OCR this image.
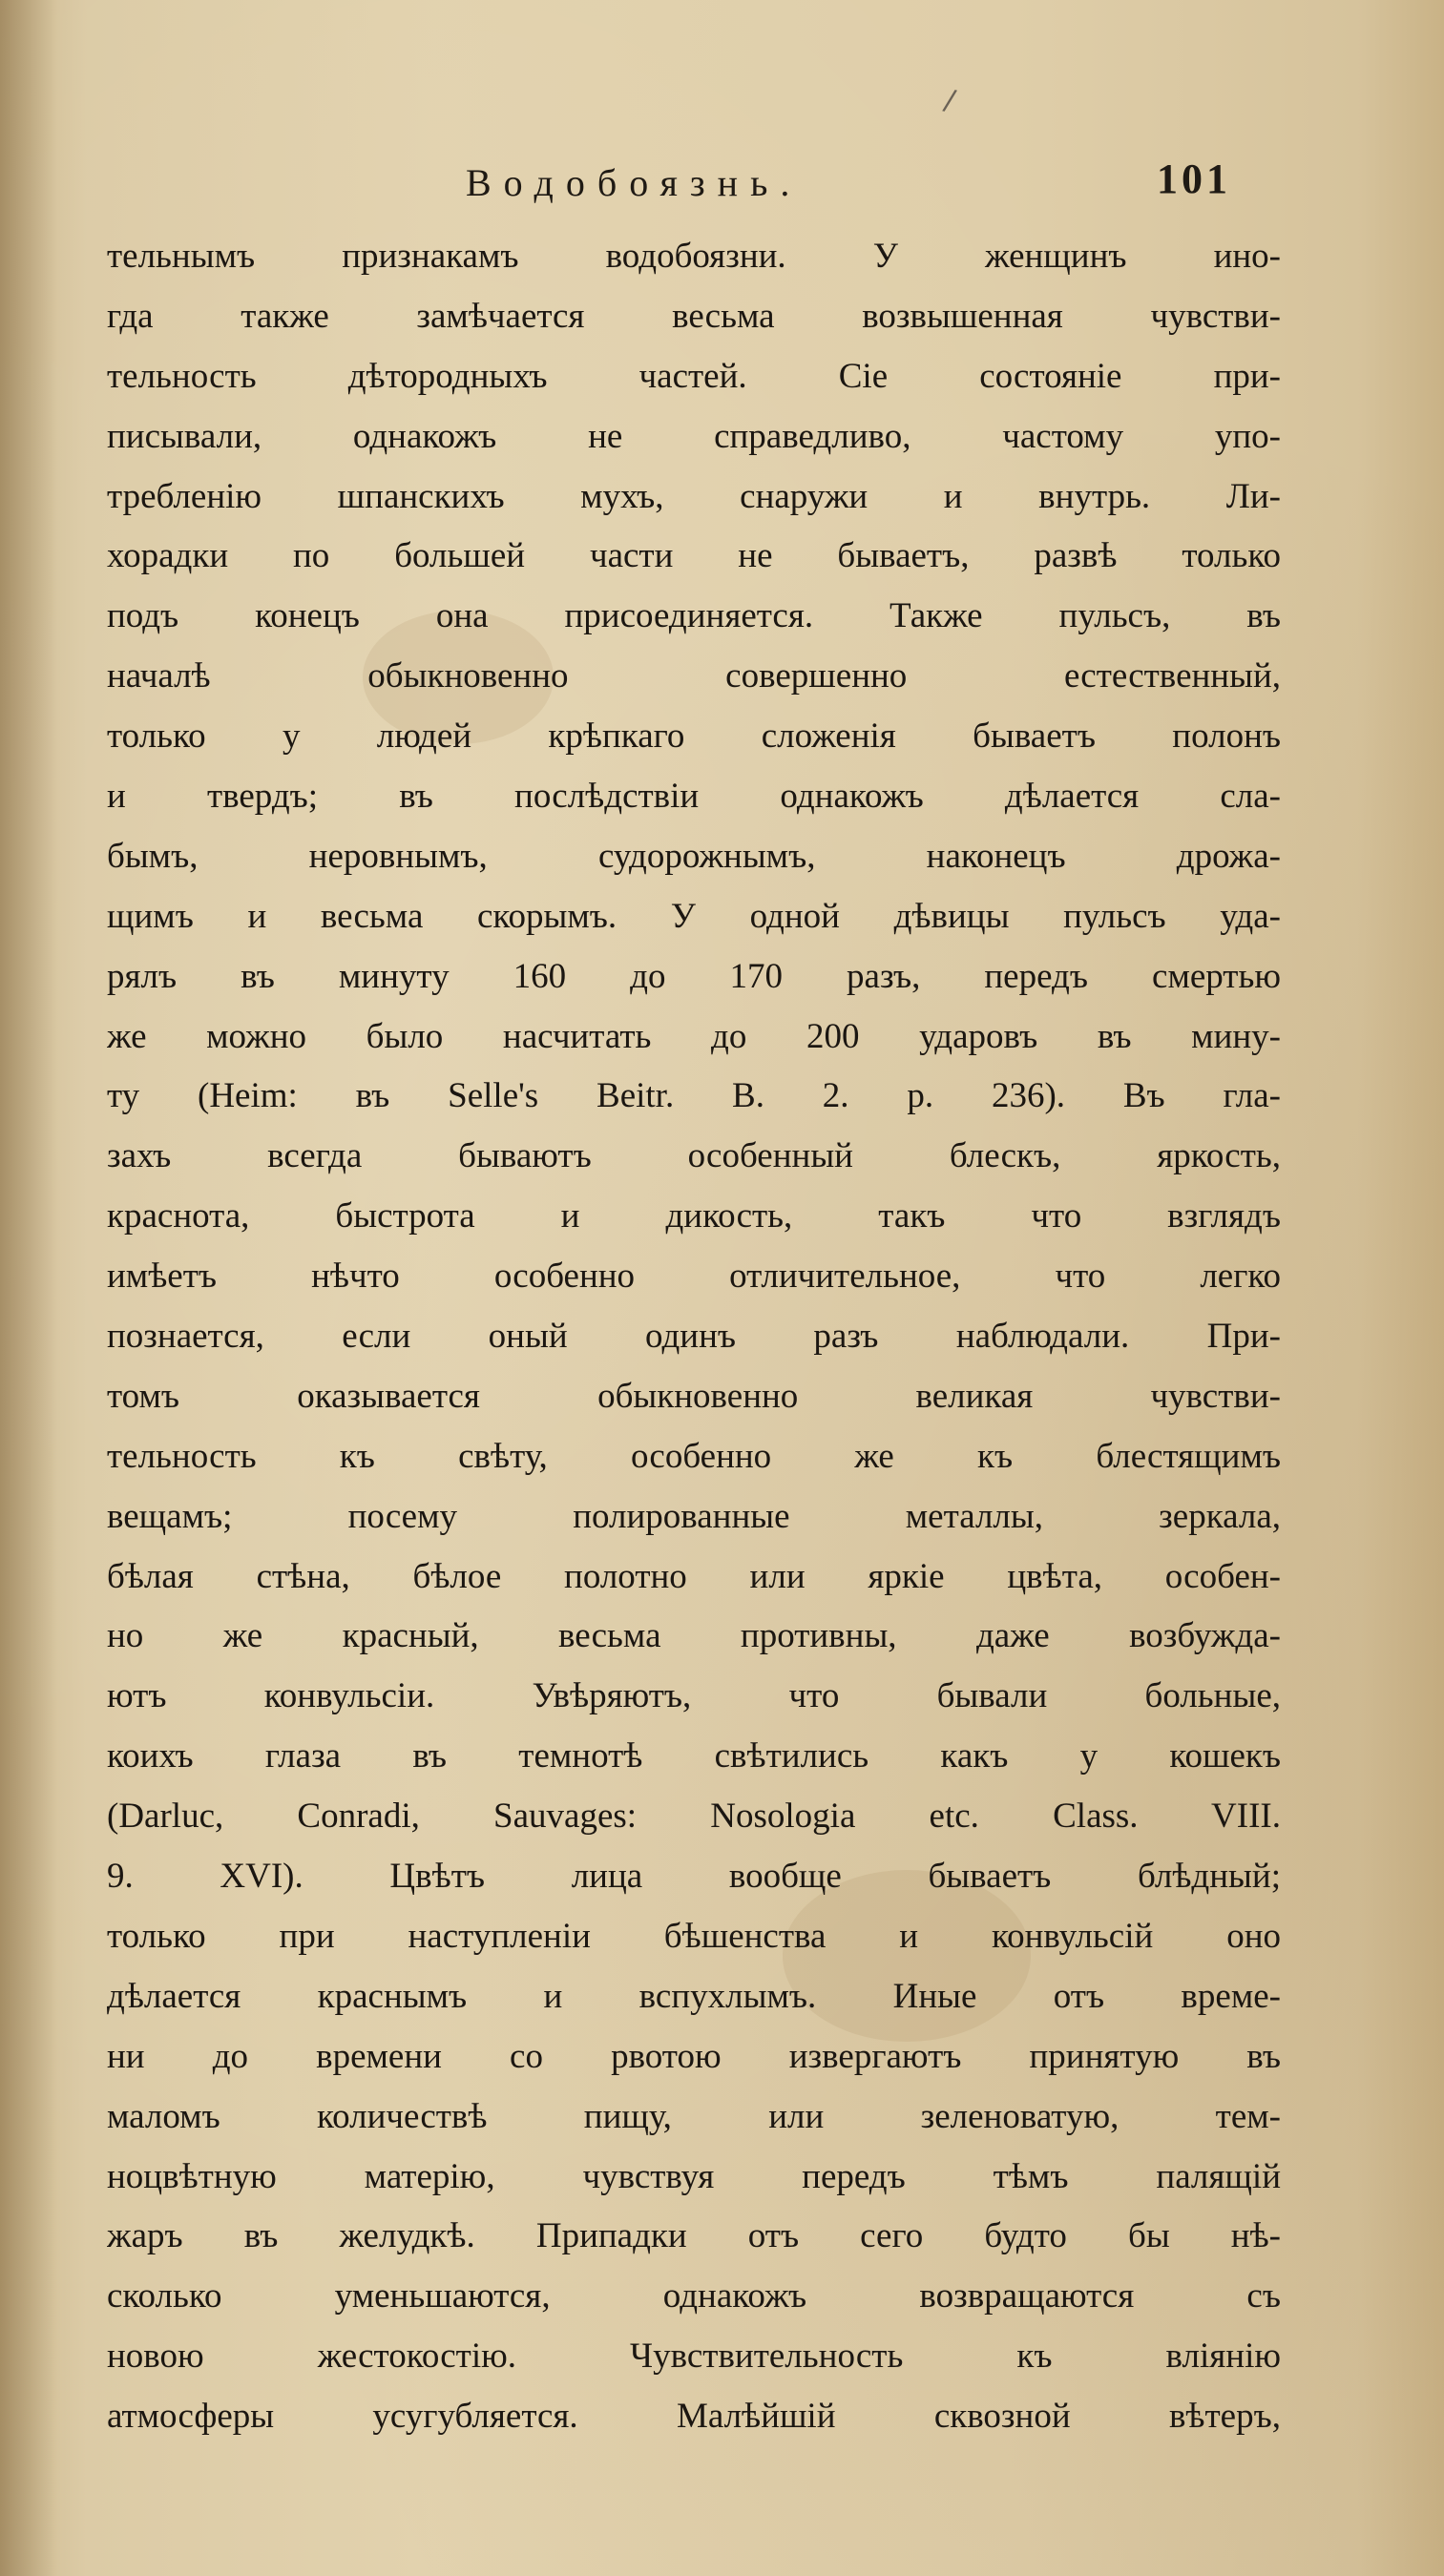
/
Водобоязнь.	101
тельнымъ признакамъ водобоязни. У женщинъ ино-
гда также замѣчается весьма возвышенная чувстви-
тельность дѣтородныхъ частей. Сіе состояніе при-
писывали, однакожъ не справедливо, частому упо-
требленію шпанскихъ мухъ, снаружи и внутрь. Ли-
хорадки по большей части не бываетъ, развѣ только
подъ конецъ она присоединяется. Также пульсъ, въ
началѣ обыкновенно совершенно естественный,
только у людей крѣпкаго сложенія бываетъ полонъ
и твердъ; въ послѣдствіи однакожъ дѣлается сла-
бымъ, неровнымъ, судорожнымъ, наконецъ дрожа-
щимъ и весьма скорымъ. У одной дѣвицы пульсъ уда-
рялъ въ минуту 160 до 170 разъ, передъ смертью
же можно было насчитать до 200 ударовъ въ мину-
ту (Heim: въ Selle's Beitr. B. 2. p. 236). Въ гла-
захъ всегда бываютъ особенный блескъ, яркость,
краснота, быстрота и дикость, такъ что взглядъ
имѣетъ нѣчто особенно отличительное, что легко
познается, если оный одинъ разъ наблюдали. При-
томъ оказывается обыкновенно великая чувстви-
тельность къ свѣту, особенно же къ блестящимъ
вещамъ; посему полированные металлы, зеркала,
бѣлая стѣна, бѣлое полотно или яркіе цвѣта, особен-
но же красный, весьма противны, даже возбужда-
ютъ конвульсіи. Увѣряютъ, что бывали больные,
коихъ глаза въ темнотѣ свѣтились какъ у кошекъ
(Darluc, Conradi, Sauvages: Nosologia etc. Class. VIII.
9. XVI). Цвѣтъ лица вообще бываетъ блѣдный;
только при наступленіи бѣшенства и конвульсій оно
дѣлается краснымъ и вспухлымъ. Иные отъ време-
ни до времени со рвотою извергаютъ принятую въ
маломъ количествѣ пищу, или зеленоватую, тем-
ноцвѣтную матерію, чувствуя передъ тѣмъ палящій
жаръ въ желудкѣ. Припадки отъ сего будто бы нѣ-
сколько уменьшаются, однакожъ возвращаются съ
новою жестокостію. Чувствительность къ вліянію
атмосферы усугубляется. Малѣйшій сквозной вѣтеръ,
